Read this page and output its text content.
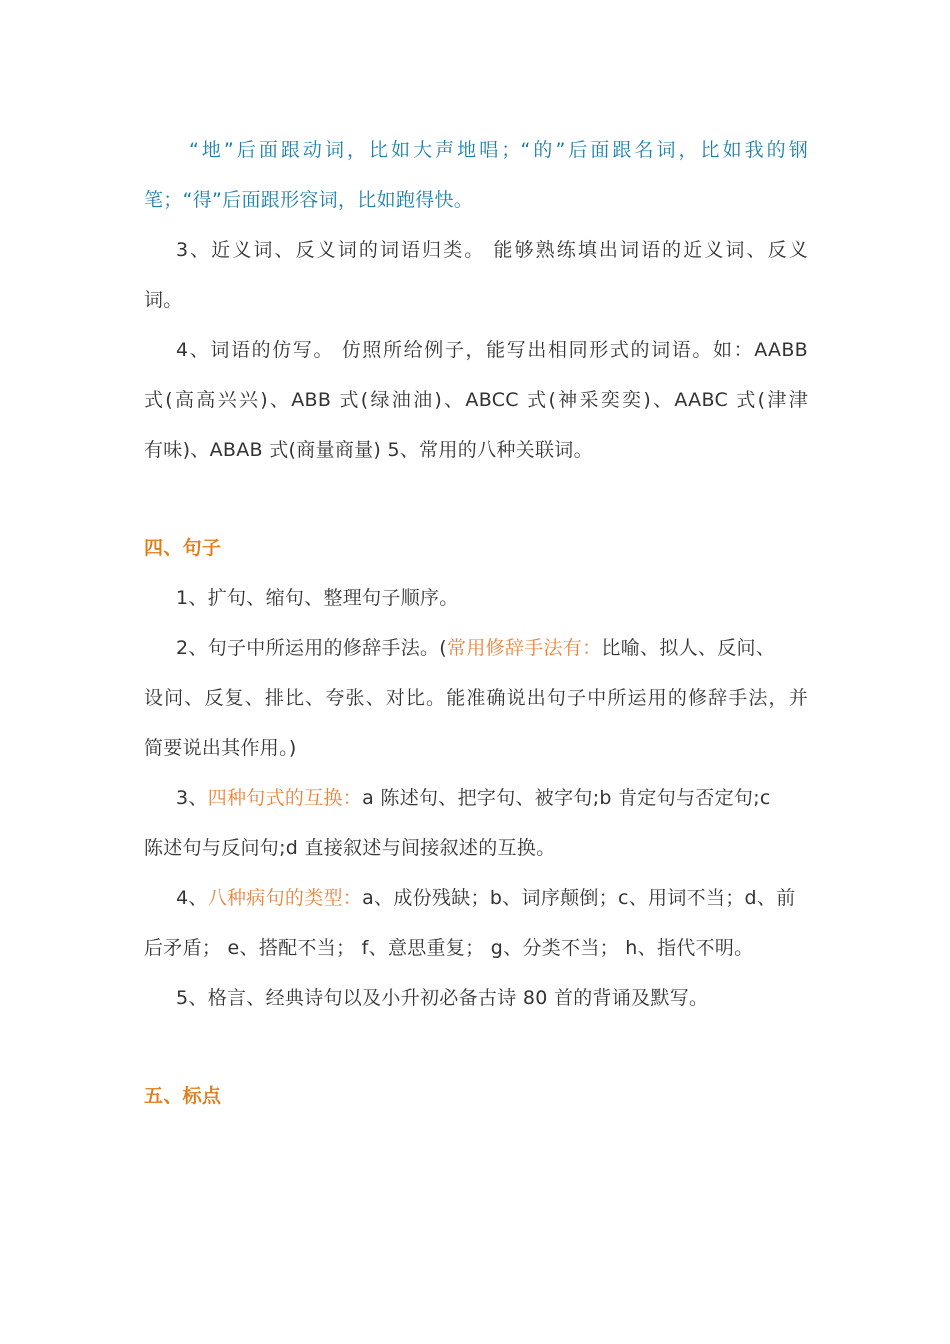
“地”后面跟动词，比如大声地唱；“的”后面跟名词，比如我的钢
笔；“得”后面跟形容词，比如跑得快。
3、近义词、反义词的词语归类。 能够熟练填出词语的近义词、反义
词。
4、词语的仿写。 仿照所给例子，能写出相同形式的词语。如：AABB
式(高高兴兴)、ABB 式(绿油油)、ABCC 式(神采奕奕)、AABC 式(津津
有味)、ABAB 式(商量商量) 5、常用的八种关联词。
四、句子
1、扩句、缩句、整理句子顺序。
2、句子中所运用的修辞手法。(常用修辞手法有：比喻、拟人、反问、
设问、反复、排比、夸张、对比。能准确说出句子中所运用的修辞手法，并
简要说出其作用。)
3、四种句式的互换：a 陈述句、把字句、被字句;b 肯定句与否定句;c
陈述句与反问句;d 直接叙述与间接叙述的互换。
4、八种病句的类型：a、成份残缺；b、词序颠倒；c、用词不当；d、前
后矛盾； e、搭配不当； f、意思重复； g、分类不当； h、指代不明。
5、格言、经典诗句以及小升初必备古诗 80 首的背诵及默写。
五、标点
